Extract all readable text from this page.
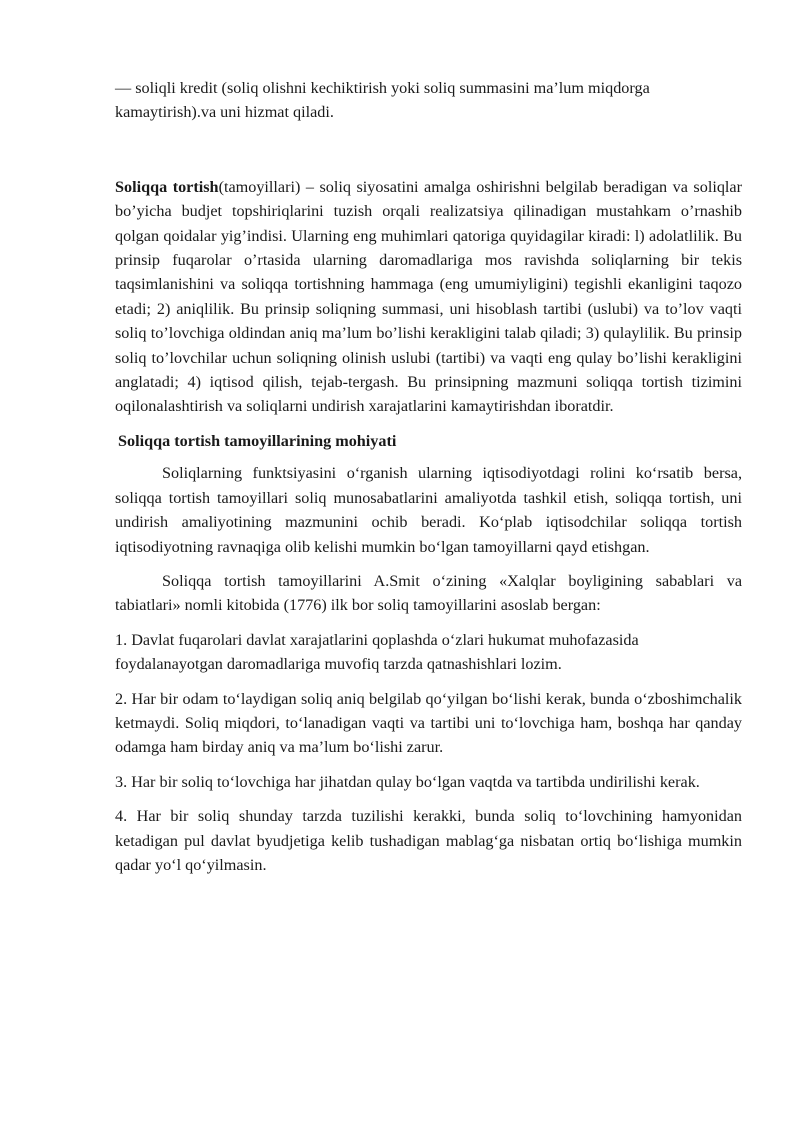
— soliqli kredit (soliq olishni kechiktirish yoki soliq summasini ma’lum miqdorga
kamaytirish).va uni hizmat qiladi.

Soliqqa tortish(tamoyillari) – soliq siyosatini amalga oshirishni belgilab beradigan va soliqlar bo’yicha budjet topshiriqlarini tuzish orqali realizatsiya qilinadigan mustahkam o’rnashib qolgan qoidalar yig’indisi. Ularning eng muhimlari qatoriga quyidagilar kiradi: l) adolatlilik. Bu prinsip fuqarolar o’rtasida ularning daromadlariga mos ravishda soliqlarning bir tekis taqsimlanishini va soliqqa tortishning hammaga (eng umumiyligini) tegishli ekanligini taqozo etadi; 2) aniqlilik. Bu prinsip soliqning summasi, uni hisoblash tartibi (uslubi) va to’lov vaqti soliq to’lovchiga oldindan aniq ma’lum bo’lishi kerakligini talab qiladi; 3) qulaylilik. Bu prinsip soliq to’lovchilar uchun soliqning olinish uslubi (tartibi) va vaqti eng qulay bo’lishi kerakligini anglatadi; 4) iqtisod qilish, tejab-tergash. Bu prinsipning mazmuni soliqqa tortish tizimini oqilonalashtirish va soliqlarni undirish xarajatlarini kamaytirishdan iboratdir.

Soliqqa tortish tamoyillarining mohiyati

Soliqlarning funktsiyasini o‘rganish ularning iqtisodiyotdagi rolini ko‘rsatib bersa, soliqqa tortish tamoyillari soliq munosabatlarini amaliyotda tashkil etish, soliqqa tortish, uni undirish amaliyotining mazmunini ochib beradi. Ko‘plab iqtisodchilar soliqqa tortish iqtisodiyotning ravnaqiga olib kelishi mumkin bo‘lgan tamoyillarni qayd etishgan.

Soliqqa tortish tamoyillarini A.Smit o‘zining «Xalqlar boyligining sabablari va tabiatlari» nomli kitobida (1776) ilk bor soliq tamoyillarini asoslab bergan:

1. Davlat fuqarolari davlat xarajatlarini qoplashda o‘zlari hukumat muhofazasida foydalanayotgan daromadlariga muvofiq tarzda qatnashishlari lozim.

2. Har bir odam to‘laydigan soliq aniq belgilab qo‘yilgan bo‘lishi kerak, bunda o‘zboshimchalik ketmaydi. Soliq miqdori, to‘lanadigan vaqti va tartibi uni to‘lovchiga ham, boshqa har qanday odamga ham birday aniq va ma’lum bo‘lishi zarur.

3. Har bir soliq to‘lovchiga har jihatdan qulay bo‘lgan vaqtda va tartibda undirilishi kerak.

4. Har bir soliq shunday tarzda tuzilishi kerakki, bunda soliq to‘lovchining hamyonidan ketadigan pul davlat byudjetiga kelib tushadigan mablag‘ga nisbatan ortiq bo‘lishiga mumkin qadar yo‘l qo‘yilmasin.
